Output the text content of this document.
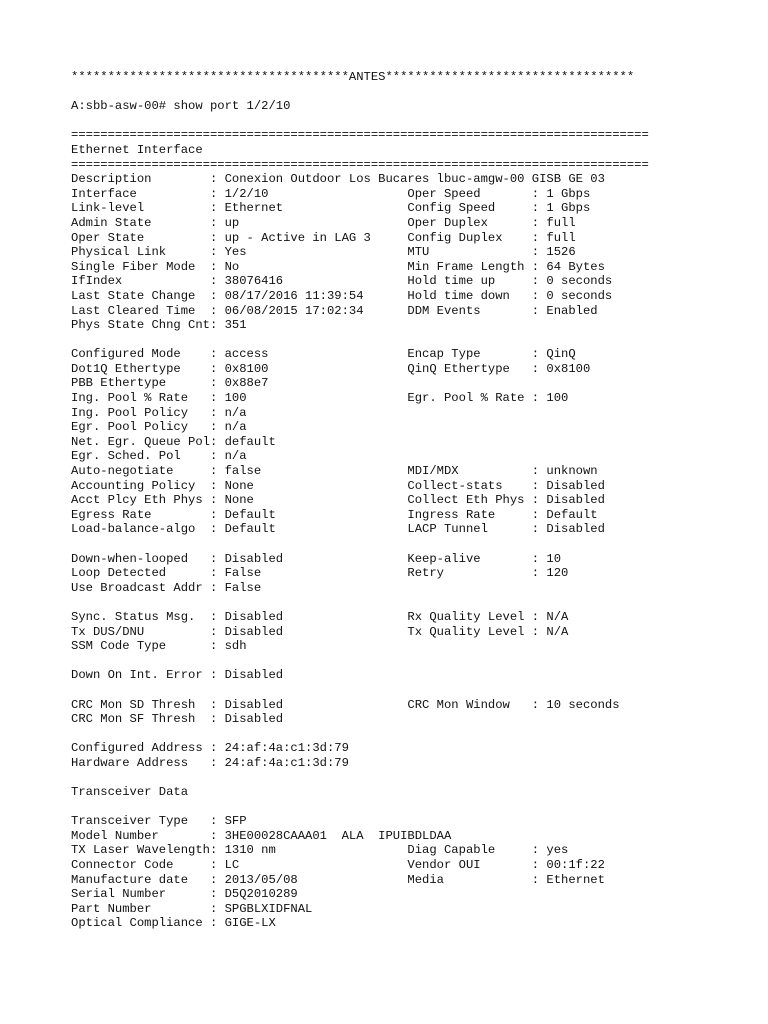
**************************************ANTES**********************************
A:sbb-asw-00# show port 1/2/10
===============================================================================
Ethernet Interface
===============================================================================
Description        : Conexion Outdoor Los Bucares lbuc-amgw-00 GISB GE 03
Interface          : 1/2/10                   Oper Speed       : 1 Gbps
Link-level         : Ethernet                 Config Speed     : 1 Gbps
Admin State        : up                       Oper Duplex      : full
Oper State         : up - Active in LAG 3     Config Duplex    : full
Physical Link      : Yes                      MTU              : 1526
Single Fiber Mode  : No                       Min Frame Length : 64 Bytes
IfIndex            : 38076416                 Hold time up     : 0 seconds
Last State Change  : 08/17/2016 11:39:54      Hold time down   : 0 seconds
Last Cleared Time  : 06/08/2015 17:02:34      DDM Events       : Enabled
Phys State Chng Cnt: 351
Configured Mode    : access                   Encap Type       : QinQ
Dot1Q Ethertype    : 0x8100                   QinQ Ethertype   : 0x8100
PBB Ethertype      : 0x88e7
Ing. Pool % Rate   : 100                      Egr. Pool % Rate : 100
Ing. Pool Policy   : n/a
Egr. Pool Policy   : n/a
Net. Egr. Queue Pol: default
Egr. Sched. Pol    : n/a
Auto-negotiate     : false                    MDI/MDX          : unknown
Accounting Policy  : None                     Collect-stats    : Disabled
Acct Plcy Eth Phys : None                     Collect Eth Phys : Disabled
Egress Rate        : Default                  Ingress Rate     : Default
Load-balance-algo  : Default                  LACP Tunnel      : Disabled
Down-when-looped   : Disabled                 Keep-alive       : 10
Loop Detected      : False                    Retry            : 120
Use Broadcast Addr : False
Sync. Status Msg.  : Disabled                 Rx Quality Level : N/A
Tx DUS/DNU         : Disabled                 Tx Quality Level : N/A
SSM Code Type      : sdh
Down On Int. Error : Disabled
CRC Mon SD Thresh  : Disabled                 CRC Mon Window   : 10 seconds
CRC Mon SF Thresh  : Disabled
Configured Address : 24:af:4a:c1:3d:79
Hardware Address   : 24:af:4a:c1:3d:79
Transceiver Data
Transceiver Type   : SFP
Model Number       : 3HE00028CAAA01  ALA  IPUIBDLDAA
TX Laser Wavelength: 1310 nm                  Diag Capable     : yes
Connector Code     : LC                       Vendor OUI       : 00:1f:22
Manufacture date   : 2013/05/08               Media            : Ethernet
Serial Number      : D5Q2010289
Part Number        : SPGBLXIDFNAL
Optical Compliance : GIGE-LX
